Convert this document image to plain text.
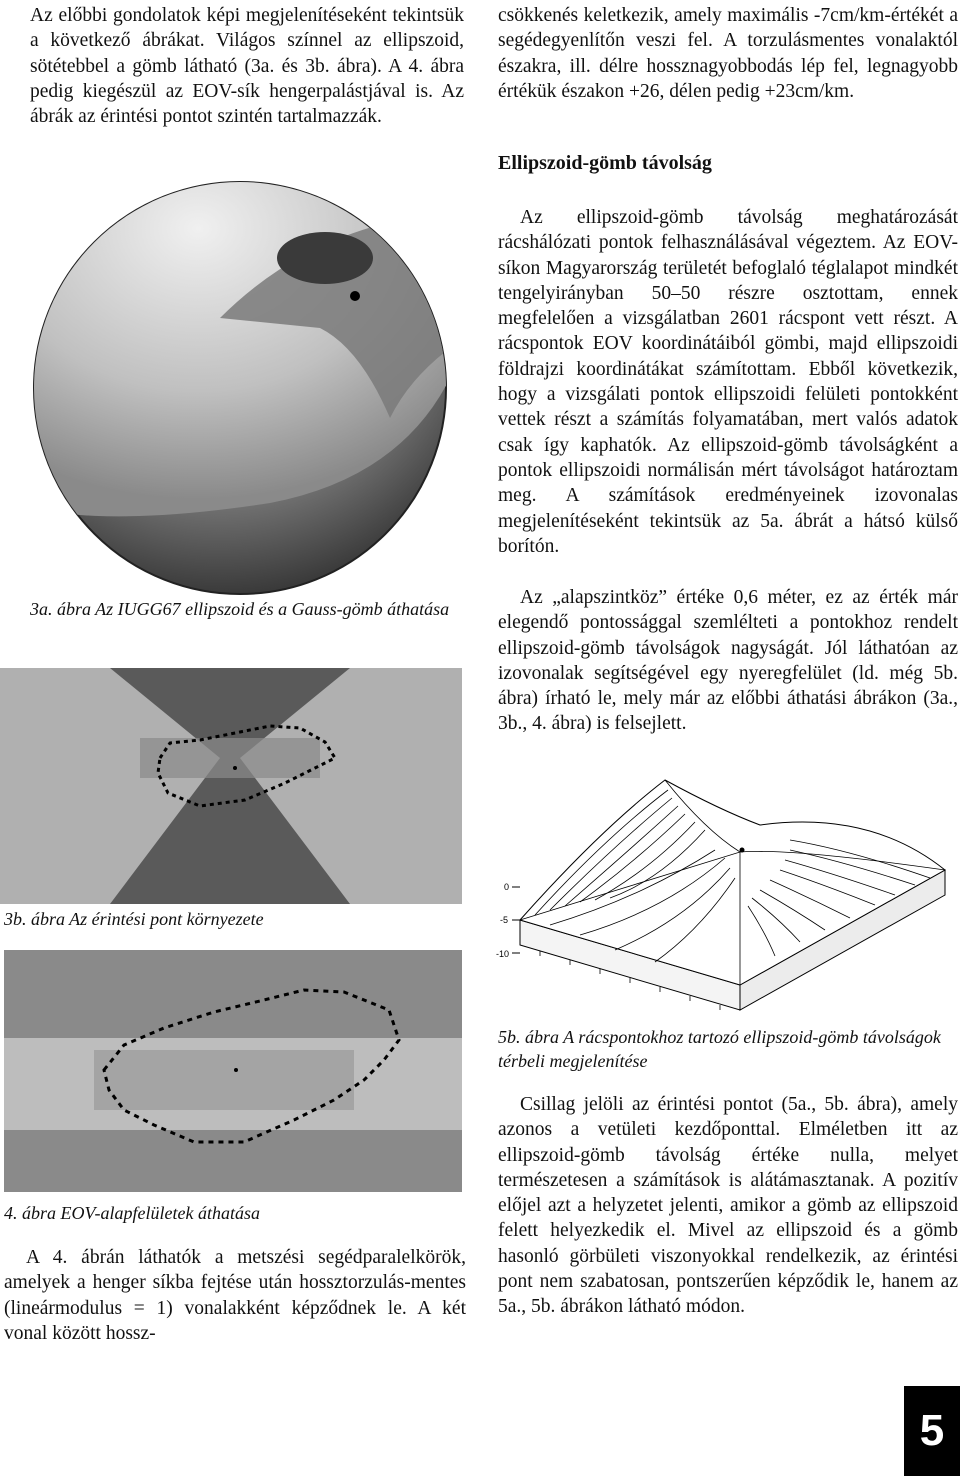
Az előbbi gondolatok képi megjelenítéseként tekintsük a következő ábrákat. Világos színnel az ellipszoid, sötétebbel a gömb látható (3a. és 3b. ábra). A 4. ábra pedig kiegészül az EOV-sík hengerpalástjával is. Az ábrák az érintési pontot szintén tartalmazzák.

3a. ábra Az IUGG67 ellipszoid és a Gauss-gömb áthatása

3b. ábra Az érintési pont környezete

4. ábra EOV-alapfelületek áthatása

A 4. ábrán láthatók a metszési segédparalelkörök, amelyek a henger síkba fejtése után hossztorzulás-mentes (lineármodulus = 1) vonalakként képződnek le. A két vonal között hossz-

csökkenés keletkezik, amely maximális -7cm/km-értékét a segédegyenlítőn veszi fel. A torzulásmentes vonalaktól északra, ill. délre hossznagyobbodás lép fel, legnagyobb értékük északon +26, délen pedig +23cm/km.

Ellipszoid-gömb távolság

Az ellipszoid-gömb távolság meghatározását rácshálózati pontok felhasználásával végeztem. Az EOV-síkon Magyarország területét befoglaló téglalapot mindkét tengelyirányban 50–50 részre osztottam, ennek megfelelően a vizsgálatban 2601 rácspont vett részt. A rácspontok EOV koordinátáiból gömbi, majd ellipszoidi földrajzi koordinátákat számítottam. Ebből következik, hogy a vizsgálati pontok ellipszoidi felületi pontokként vettek részt a számítás folyamatában, mert valós adatok csak így kaphatók. Az ellipszoid-gömb távolságként a pontok ellipszoidi normálisán mért távolságot határoztam meg. A számítások eredményeinek izovonalas megjelenítéseként tekintsük az 5a. ábrát a hátsó külső borítón.

Az „alapszintköz” értéke 0,6 méter, ez az érték már elegendő pontossággal szemlélteti a pontokhoz rendelt ellipszoid-gömb távolságok nagyságát. Jól láthatóan az izovonalak segítségével egy nyeregfelület (ld. még 5b. ábra) írható le, mely már az előbbi áthatási ábrákon (3a., 3b., 4. ábra) is felsejlett.

0
-5
-10

5b. ábra A rácspontokhoz tartozó ellipszoid-gömb távolságok térbeli megjelenítése

Csillag jelöli az érintési pontot (5a., 5b. ábra), amely azonos a vetületi kezdőponttal. Elméletben itt az ellipszoid-gömb távolság értéke nulla, melyet természetesen a számítások is alátámasztanak. A pozitív előjel azt a helyzetet jelenti, amikor a gömb az ellipszoid felett helyezkedik el. Mivel az ellipszoid és a gömb hasonló görbületi viszonyokkal rendelkezik, az érintési pont nem szabatosan, pontszerűen képződik le, hanem az 5a., 5b. ábrákon látható módon.

5
